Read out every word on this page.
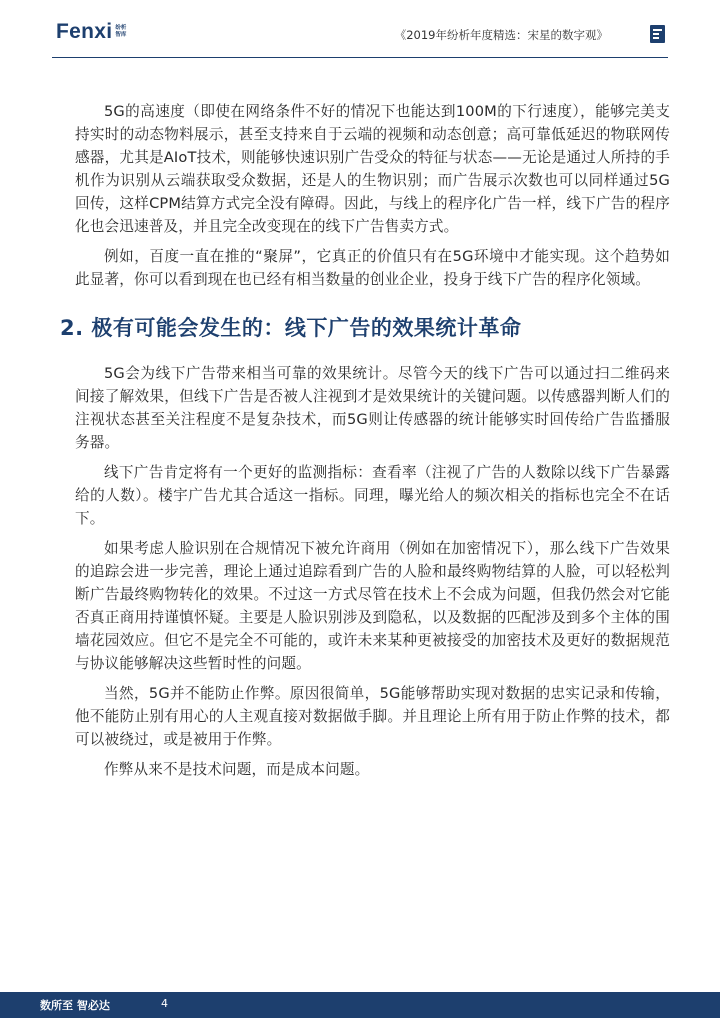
Fenxi 纷析
智库	《2019年纷析年度精选：宋星的数字观》

5G的高速度（即使在网络条件不好的情况下也能达到100M的下行速度），能够完美支持实时的动态物料展示，甚至支持来自于云端的视频和动态创意；高可靠低延迟的物联网传感器，尤其是AIoT技术，则能够快速识别广告受众的特征与状态——无论是通过人所持的手机作为识别从云端获取受众数据，还是人的生物识别；而广告展示次数也可以同样通过5G回传，这样CPM结算方式完全没有障碍。因此，与线上的程序化广告一样，线下广告的程序化也会迅速普及，并且完全改变现在的线下广告售卖方式。

例如，百度一直在推的“聚屏”，它真正的价值只有在5G环境中才能实现。这个趋势如此显著，你可以看到现在也已经有相当数量的创业企业，投身于线下广告的程序化领域。

2. 极有可能会发生的：线下广告的效果统计革命

5G会为线下广告带来相当可靠的效果统计。尽管今天的线下广告可以通过扫二维码来间接了解效果，但线下广告是否被人注视到才是效果统计的关键问题。以传感器判断人们的注视状态甚至关注程度不是复杂技术，而5G则让传感器的统计能够实时回传给广告监播服务器。

线下广告肯定将有一个更好的监测指标：查看率（注视了广告的人数除以线下广告暴露给的人数）。楼宇广告尤其合适这一指标。同理，曝光给人的频次相关的指标也完全不在话下。

如果考虑人脸识别在合规情况下被允许商用（例如在加密情况下），那么线下广告效果的追踪会进一步完善，理论上通过追踪看到广告的人脸和最终购物结算的人脸，可以轻松判断广告最终购物转化的效果。不过这一方式尽管在技术上不会成为问题，但我仍然会对它能否真正商用持谨慎怀疑。主要是人脸识别涉及到隐私，以及数据的匹配涉及到多个主体的围墙花园效应。但它不是完全不可能的，或许未来某种更被接受的加密技术及更好的数据规范与协议能够解决这些暂时性的问题。

当然，5G并不能防止作弊。原因很简单，5G能够帮助实现对数据的忠实记录和传输，他不能防止别有用心的人主观直接对数据做手脚。并且理论上所有用于防止作弊的技术，都可以被绕过，或是被用于作弊。

作弊从来不是技术问题，而是成本问题。

数所至 智必达	4
